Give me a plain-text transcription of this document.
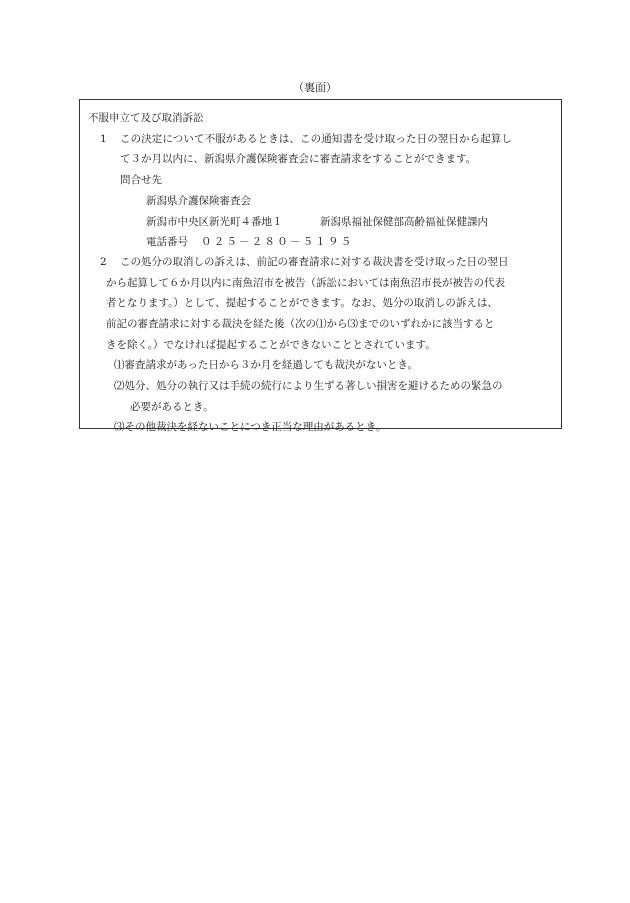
（裏面）
不服申立て及び取消訴訟
1 この決定について不服があるときは、この通知書を受け取った日の翌日から起算し
て３か月以内に、新潟県介護保険審査会に審査請求をすることができます。
問合せ先
新潟県介護保険審査会
新潟市中央区新光町４番地１	新潟県福祉保健部高齢福祉保健課内
電話番号 ０２５－２８０－５１９５
2 この処分の取消しの訴えは、前記の審査請求に対する裁決書を受け取った日の翌日
から起算して６か月以内に南魚沼市を被告（訴訟においては南魚沼市長が被告の代表
者となります。）として、提起することができます。なお、処分の取消しの訴えは、
前記の審査請求に対する裁決を経た後（次の⑴から⑶までのいずれかに該当すると
きを除く。）でなければ提起することができないこととされています。
⑴審査請求があった日から３か月を経過しても裁決がないとき。
⑵処分、処分の執行又は手続の続行により生ずる著しい損害を避けるための緊急の
必要があるとき。
⑶その他裁決を経ないことにつき正当な理由があるとき。
